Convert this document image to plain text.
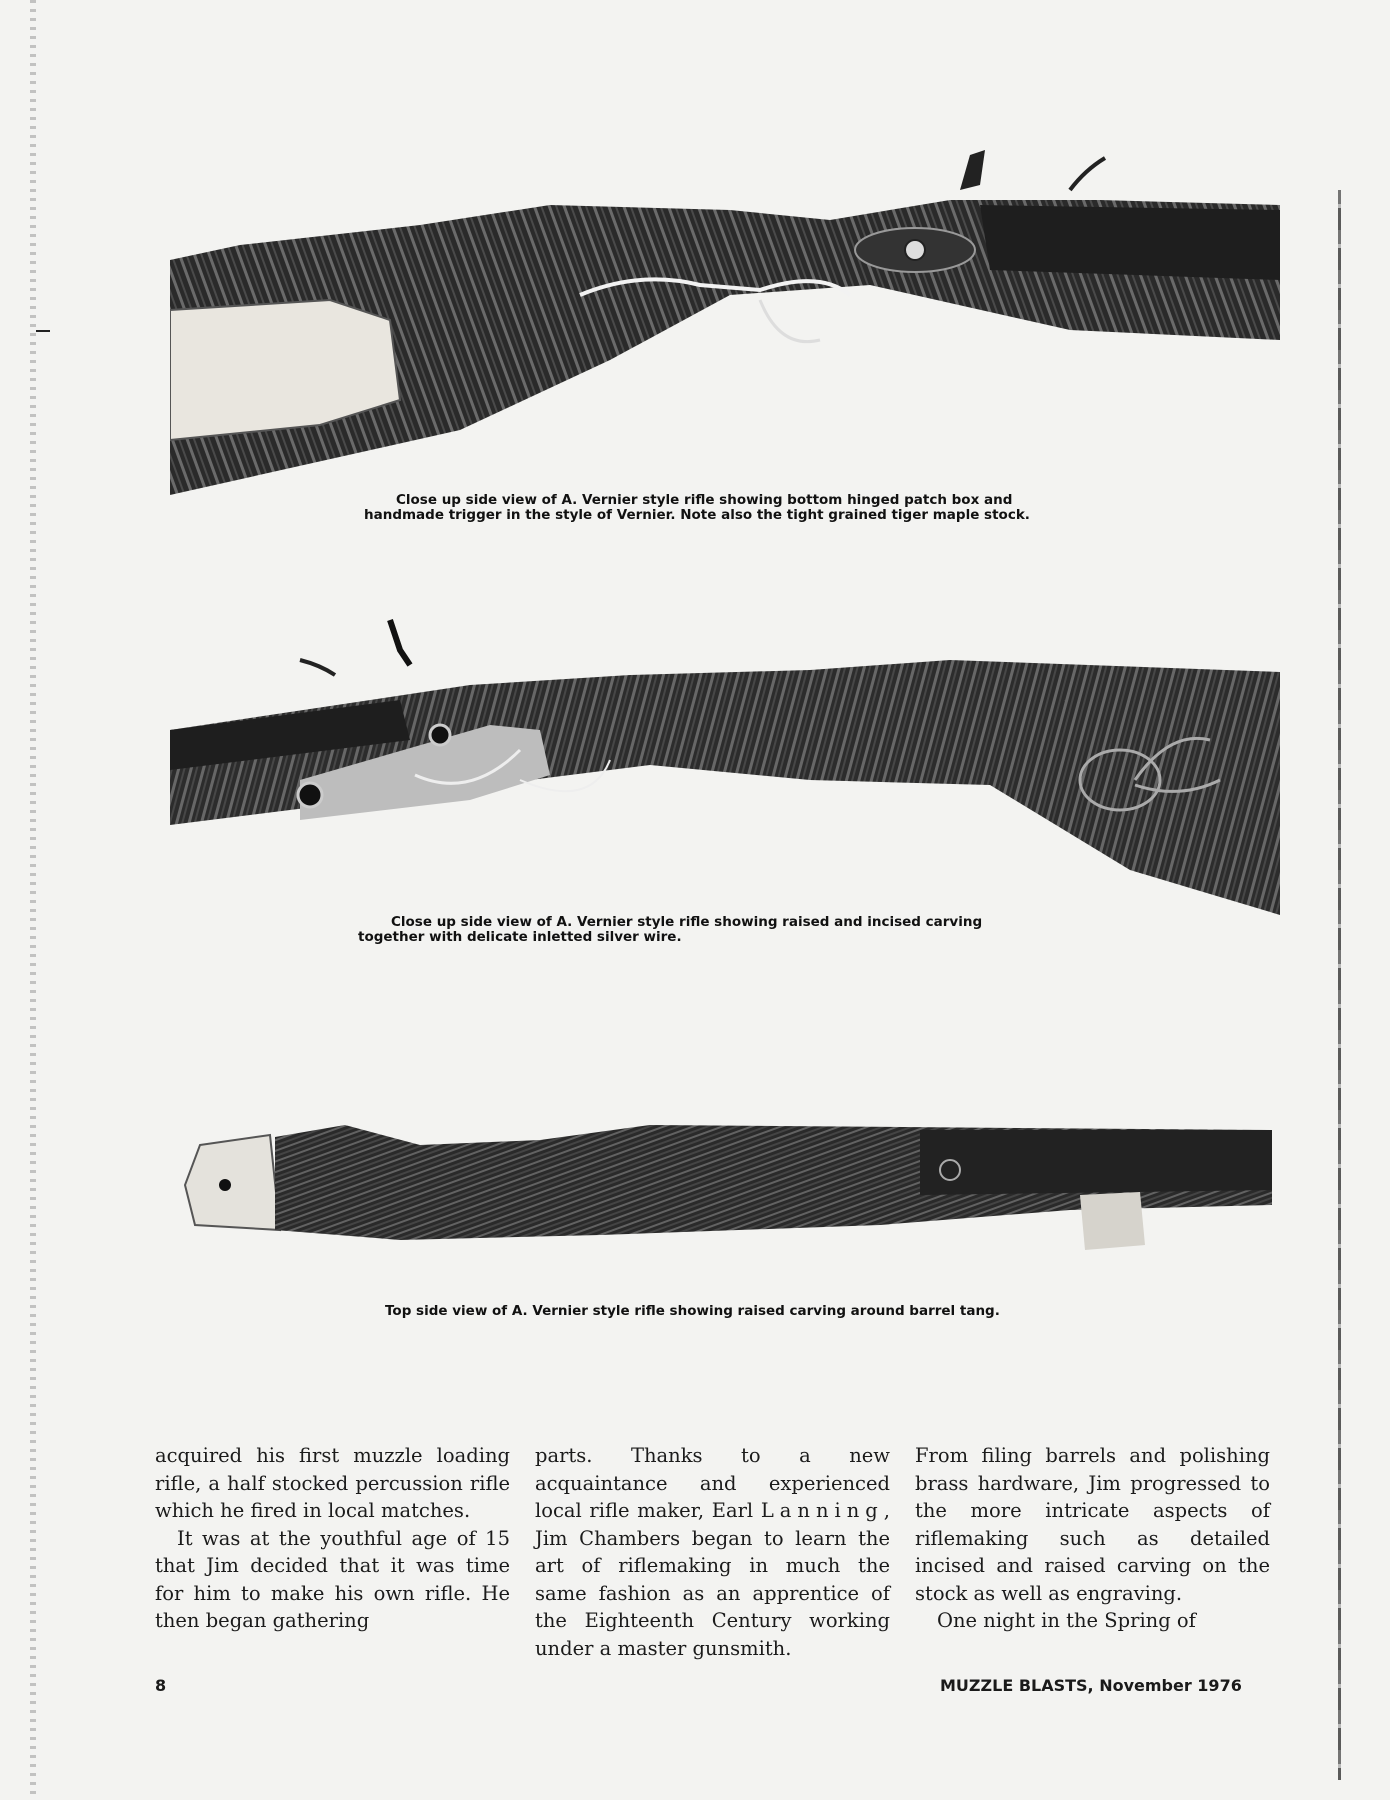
Close up side view of A. Vernier style rifle showing bottom hinged patch box and
handmade trigger in the style of Vernier. Note also the tight grained tiger maple stock.
Close up side view of A. Vernier style rifle showing raised and incised carving
together with delicate inletted silver wire.
Top side view of A. Vernier style rifle showing raised carving around barrel tang.

acquired his first muzzle loading rifle, a half stocked percussion rifle which he fired in local matches.

It was at the youthful age of 15 that Jim decided that it was time for him to make his own rifle. He then began gathering

parts. Thanks to a new acquaintance and experienced local rifle maker, Earl Lanning, Jim Chambers began to learn the art of riflemaking in much the same fashion as an apprentice of the Eighteenth Century working under a master gunsmith.

From filing barrels and polishing brass hardware, Jim progressed to the more intricate aspects of riflemaking such as detailed incised and raised carving on the stock as well as engraving.

One night in the Spring of

8	MUZZLE BLASTS, November 1976
